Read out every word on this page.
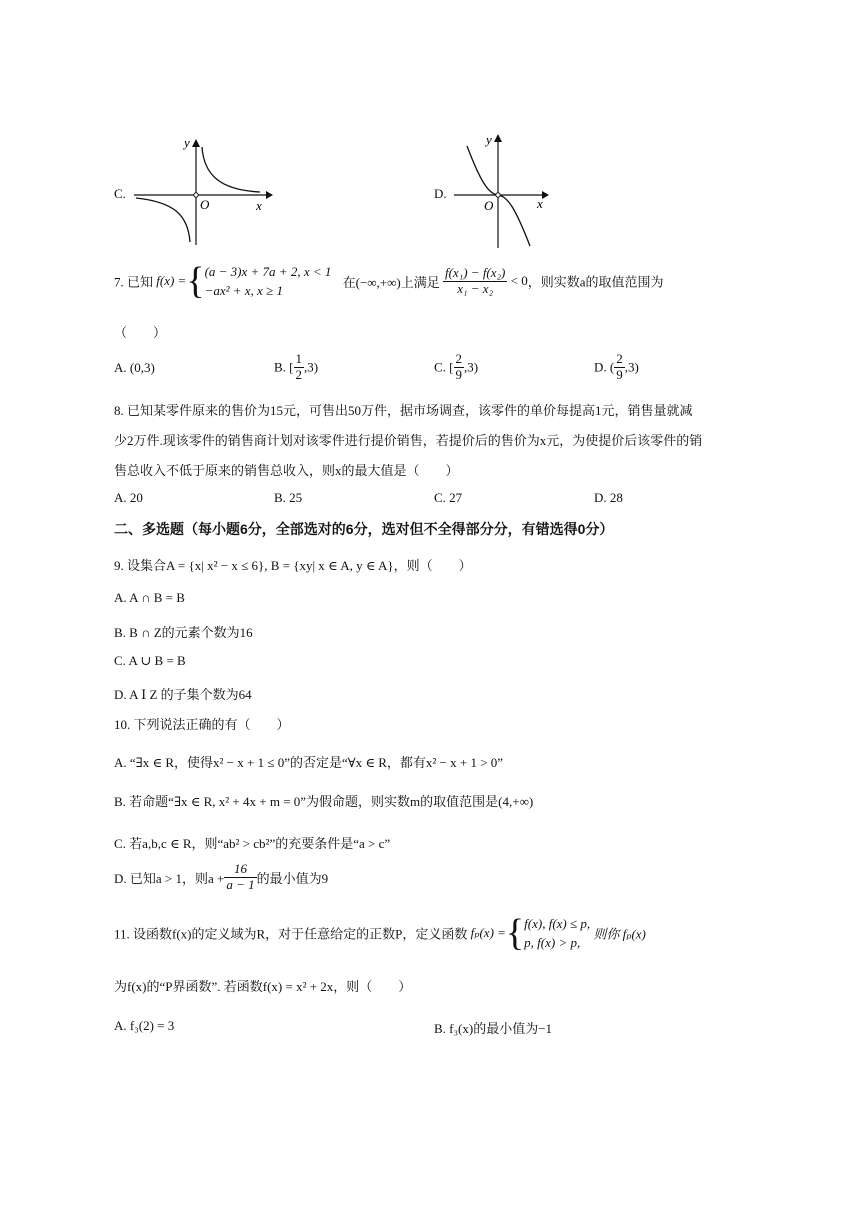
C.
y
x
O
D.
y
x
O
7. 已知 f(x) ={ (a − 3)x + 7a + 2, x < 1
−ax² + x, x ≥ 1
在(−∞,+∞)上满足 $\frac{\text{f(x₁) − f(x₂)}}{\text{x₁ − x₂}} < 0$，则实数a的取值范围为
（　　）
A. (0,3)	B. [ $\frac{1}{2} ,3$)	C. [ $\frac{2}{9} ,3$)	D. ( $\frac{2}{9} ,3$)
8. 已知某零件原来的售价为15元，可售出50万件，据市场调查，该零件的单价每提高1元，销售量就减
少2万件.现该零件的销售商计划对该零件进行提价销售，若提价后的售价为x元，为使提价后该零件的销
售总收入不低于原来的销售总收入，则x的最大值是（　　）
A. 20	B. 25	C. 27	D. 28
二、多选题（每小题6分，全部选对的6分，选对但不全得部分分，有错选得0分）
9. 设集合A = {x| x² − x ≤ 6}, B = {xy| x ∈ A, y ∈ A}，则（　　）
A. A ∩ B = B
B. B ∩ Z的元素个数为16
C. A ∪ B = B
D. A Ⅰ Z 的子集个数为64
10. 下列说法正确的有（　　）
A. “∃x ∈ R，使得x² − x + 1 ≤ 0”的否定是“∀x ∈ R，都有x² − x + 1 > 0”
B. 若命题“∃x ∈ R, x² + 4x + m = 0”为假命题，则实数m的取值范围是(4,+∞)
C. 若a,b,c ∈ R，则“ab² > cb²”的充要条件是“a > c”
D. 已知a > 1，则$a + \frac{16}{a - 1}$ 的最小值为9
11. 设函数f(x)的定义域为R，对于任意给定的正数P，定义函数 fₚ(x) ={ f(x), f(x) ≤ p,
p, f(x) > p,
则你 fₚ(x)
为f(x)的“P界函数”. 若函数f(x) = x² + 2x，则（　　）
A. f₃(2) = 3	B. f₃(x)的最小值为−1
